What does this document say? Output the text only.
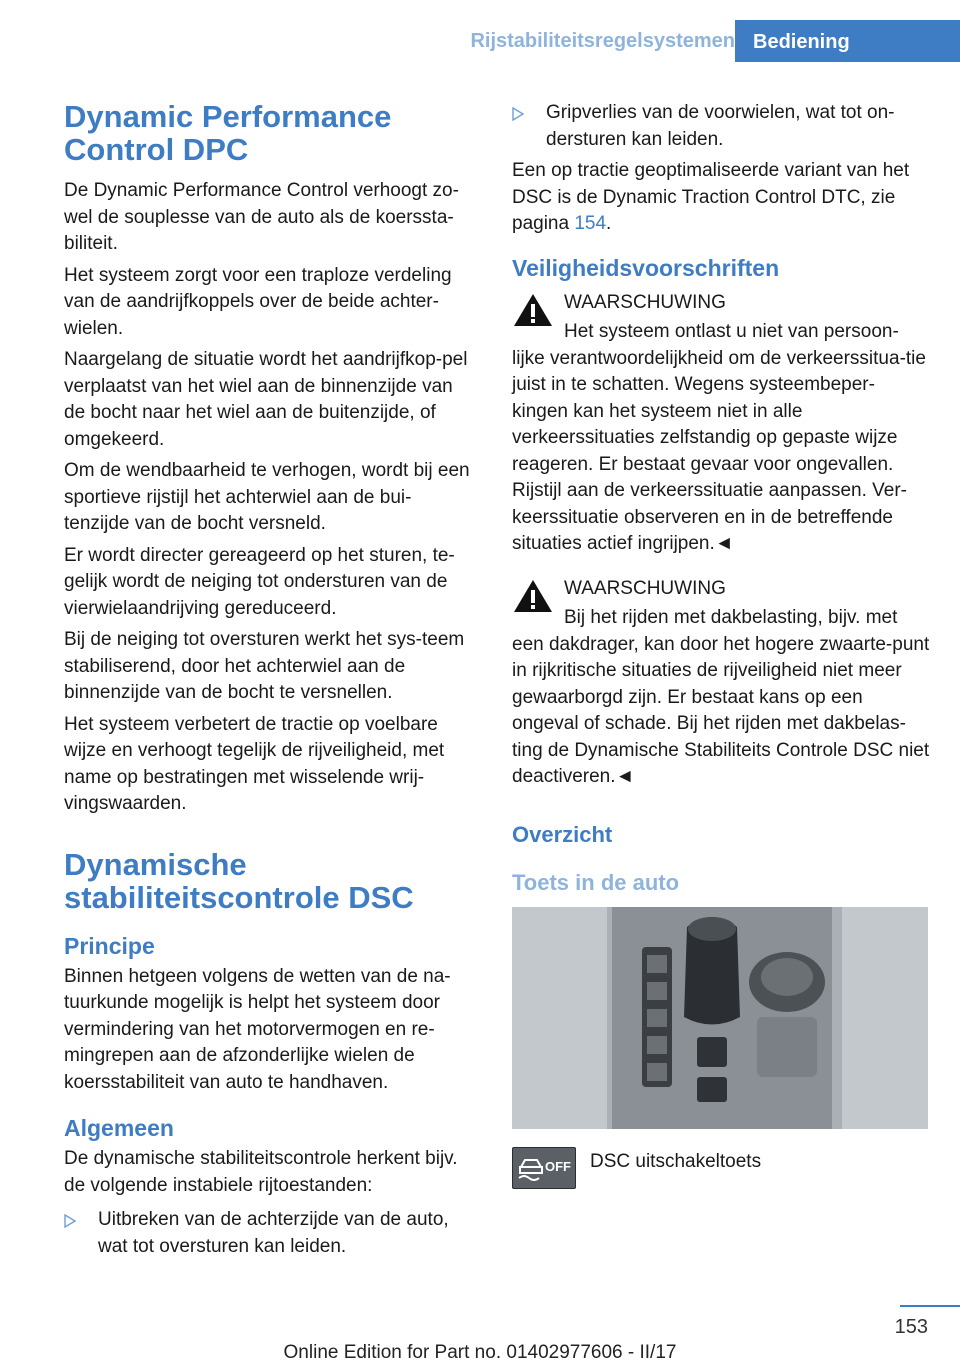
Rijstabiliteitsregelsystemen Bediening
Dynamic Performance Control DPC

De Dynamic Performance Control verhoogt zo-wel de souplesse van de auto als de koerssta-biliteit.

Het systeem zorgt voor een traploze verdeling van de aandrijfkoppels over de beide achter-wielen.

Naargelang de situatie wordt het aandrijfkop-pel verplaatst van het wiel aan de binnenzijde van de bocht naar het wiel aan de buitenzijde, of omgekeerd.

Om de wendbaarheid te verhogen, wordt bij een sportieve rijstijl het achterwiel aan de bui-tenzijde van de bocht versneld.

Er wordt directer gereageerd op het sturen, te-gelijk wordt de neiging tot ondersturen van de vierwielaandrijving gereduceerd.

Bij de neiging tot oversturen werkt het sys-teem stabiliserend, door het achterwiel aan de binnenzijde van de bocht te versnellen.

Het systeem verbetert de tractie op voelbare wijze en verhoogt tegelijk de rijveiligheid, met name op bestratingen met wisselende wrij-vingswaarden.

Dynamische stabiliteitscontrole DSC
Principe

Binnen hetgeen volgens de wetten van de na-tuurkunde mogelijk is helpt het systeem door vermindering van het motorvermogen en re-mingrepen aan de afzonderlijke wielen de koersstabiliteit van auto te handhaven.

Algemeen

De dynamische stabiliteitscontrole herkent bijv. de volgende instabiele rijtoestanden:

Uitbreken van de achterzijde van de auto, wat tot oversturen kan leiden.
Gripverlies van de voorwielen, wat tot on-dersturen kan leiden.

Een op tractie geoptimaliseerde variant van het DSC is de Dynamic Traction Control DTC, zie pagina 154.

Veiligheidsvoorschriften
WAARSCHUWING
Het systeem ontlast u niet van persoon-lijke verantwoordelijkheid om de verkeerssitua-tie juist in te schatten. Wegens systeembeper-kingen kan het systeem niet in alle verkeerssituaties zelfstandig op gepaste wijze reageren. Er bestaat gevaar voor ongevallen. Rijstijl aan de verkeerssituatie aanpassen. Ver-keerssituatie observeren en in de betreffende situaties actief ingrijpen.◄
WAARSCHUWING
Bij het rijden met dakbelasting, bijv. met een dakdrager, kan door het hogere zwaarte-punt in rijkritische situaties de rijveiligheid niet meer gewaarborgd zijn. Er bestaat kans op een ongeval of schade. Bij het rijden met dakbelas-ting de Dynamische Stabiliteits Controle DSC niet deactiveren.◄
Overzicht
Toets in de auto
OFF DSC uitschakeltoets

153
Online Edition for Part no. 01402977606 - II/17
